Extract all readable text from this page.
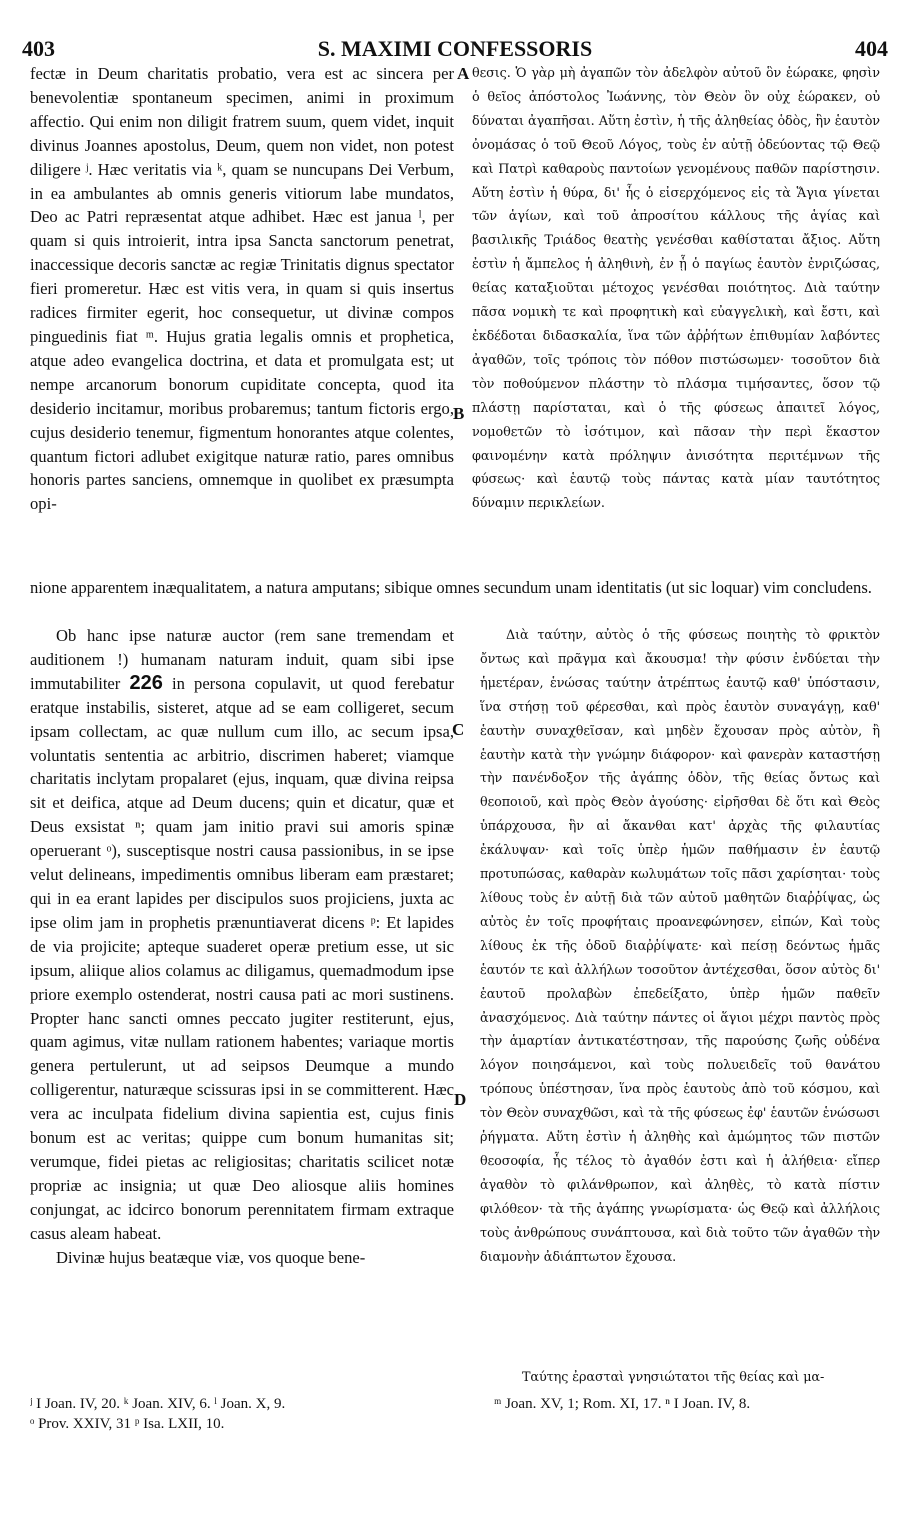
403	S. MAXIMI CONFESSORIS	404
A
B
C
D

fectæ in Deum charitatis probatio, vera est ac sincera per benevolentiæ spontaneum specimen, animi in proximum affectio. Qui enim non diligit fratrem suum, quem videt, inquit divinus Joannes apostolus, Deum, quem non videt, non potest diligere ʲ. Hæc veritatis via ᵏ, quam se nuncupans Dei Verbum, in ea ambulantes ab omnis generis vitiorum labe mundatos, Deo ac Patri repræsentat atque adhibet. Hæc est janua ˡ, per quam si quis introierit, intra ipsa Sancta sanctorum penetrat, inaccessique decoris sanctæ ac regiæ Trinitatis dignus spectator fieri promeretur. Hæc est vitis vera, in quam si quis insertus radices firmiter egerit, hoc consequetur, ut divinæ compos pinguedinis fiat ᵐ. Hujus gratia legalis omnis et prophetica, atque adeo evangelica doctrina, et data et promulgata est; ut nempe arcanorum bonorum cupiditate concepta, quod ita desiderio incitamur, moribus probaremus; tantum fictoris ergo, cujus desiderio tenemur, figmentum honorantes atque colentes, quantum fictori adlubet exigitque naturæ ratio, pares omnibus honoris partes sanciens, omnemque in quolibet ex præsumpta opi-

θεσις. Ὁ γὰρ μὴ ἀγαπῶν τὸν ἀδελφὸν αὐτοῦ ὃν ἑώρακε, φησὶν ὁ θεῖος ἀπόστολος Ἰωάννης, τὸν Θεὸν ὃν οὐχ ἑώρακεν, οὐ δύναται ἀγαπῆσαι. Αὕτη ἐστὶν, ἡ τῆς ἀληθείας ὁδὸς, ἣν ἑαυτὸν ὀνομάσας ὁ τοῦ Θεοῦ Λόγος, τοὺς ἐν αὐτῇ ὁδεύοντας τῷ Θεῷ καὶ Πατρὶ καθαροὺς παντοίων γενομένους παθῶν παρίστησιν. Αὕτη ἐστὶν ἡ θύρα, δι' ἧς ὁ εἰσερχόμενος εἰς τὰ Ἅγια γίνεται τῶν ἁγίων, καὶ τοῦ ἀπροσίτου κάλλους τῆς ἁγίας καὶ βασιλικῆς Τριάδος θεατὴς γενέσθαι καθίσταται ἄξιος. Αὕτη ἐστὶν ἡ ἄμπελος ἡ ἀληθινὴ, ἐν ᾗ ὁ παγίως ἑαυτὸν ἐνριζώσας, θείας καταξιοῦται μέτοχος γενέσθαι ποιότητος. Διὰ ταύτην πᾶσα νομικὴ τε καὶ προφητικὴ καὶ εὐαγγελικὴ, καὶ ἔστι, καὶ ἐκδέδοται διδασκαλία, ἵνα τῶν ἀῤῥήτων ἐπιθυμίαν λαβόντες ἀγαθῶν, τοῖς τρόποις τὸν πόθον πιστώσωμεν· τοσοῦτον διὰ τὸν ποθούμενον πλάστην τὸ πλάσμα τιμήσαντες, ὅσον τῷ πλάστῃ παρίσταται, καὶ ὁ τῆς φύσεως ἀπαιτεῖ λόγος, νομοθετῶν τὸ ἰσότιμον, καὶ πᾶσαν τὴν περὶ ἕκαστον φαινομένην κατὰ πρόληψιν ἀνισότητα περιτέμνων τῆς φύσεως· καὶ ἑαυτῷ τοὺς πάντας κατὰ μίαν ταυτότητος δύναμιν περικλείων.

nione apparentem inæqualitatem, a natura amputans; sibique omnes secundum unam identitatis (ut sic loquar) vim concludens.

Ob hanc ipse naturæ auctor (rem sane tremendam et auditionem !) humanam naturam induit, quam sibi ipse immutabiliter 226 in persona copulavit, ut quod ferebatur eratque instabilis, sisteret, atque ad se eam colligeret, secum ipsam collectam, ac quæ nullum cum illo, ac secum ipsa, voluntatis sententia ac arbitrio, discrimen haberet; viamque charitatis inclytam propalaret (ejus, inquam, quæ divina reipsa sit et deifica, atque ad Deum ducens; quin et dicatur, quæ et Deus exsistat ⁿ; quam jam initio pravi sui amoris spinæ operuerant ᵒ), susceptisque nostri causa passionibus, in se ipse velut delineans, impedimentis omnibus liberam eam præstaret; qui in ea erant lapides per discipulos suos projiciens, juxta ac ipse olim jam in prophetis prænuntiaverat dicens ᵖ: Et lapides de via projicite; apteque suaderet operæ pretium esse, ut sic ipsum, aliique alios colamus ac diligamus, quemadmodum ipse priore exemplo ostenderat, nostri causa pati ac mori sustinens. Propter hanc sancti omnes peccato jugiter restiterunt, ejus, quam agimus, vitæ nullam rationem habentes; variaque mortis genera pertulerunt, ut ad seipsos Deumque a mundo colligerentur, naturæque scissuras ipsi in se committerent. Hæc vera ac inculpata fidelium divina sapientia est, cujus finis bonum est ac veritas; quippe cum bonum humanitas sit; verumque, fidei pietas ac religiositas; charitatis scilicet notæ propriæ ac insignia; ut quæ Deo aliosque aliis homines conjungat, ac idcirco bonorum perennitatem firmam extraque casus aleam habeat.

Divinæ hujus beatæque viæ, vos quoque bene-

Διὰ ταύτην, αὐτὸς ὁ τῆς φύσεως ποιητὴς τὸ φρικτὸν ὄντως καὶ πρᾶγμα καὶ ἄκουσμα! τὴν φύσιν ἐνδύεται τὴν ἡμετέραν, ἑνώσας ταύτην ἀτρέπτως ἑαυτῷ καθ' ὑπόστασιν, ἵνα στήσῃ τοῦ φέρεσθαι, καὶ πρὸς ἑαυτὸν συναγάγῃ, καθ' ἑαυτὴν συναχθεῖσαν, καὶ μηδὲν ἔχουσαν πρὸς αὐτὸν, ἢ ἑαυτὴν κατὰ τὴν γνώμην διάφορον· καὶ φανερὰν καταστήσῃ τὴν πανένδοξον τῆς ἀγάπης ὁδὸν, τῆς θείας ὄντως καὶ θεοποιοῦ, καὶ πρὸς Θεὸν ἀγούσης· εἰρῆσθαι δὲ ὅτι καὶ Θεὸς ὑπάρχουσα, ἣν αἱ ἄκανθαι κατ' ἀρχὰς τῆς φιλαυτίας ἐκάλυψαν· καὶ τοῖς ὑπὲρ ἡμῶν παθήμασιν ἐν ἑαυτῷ προτυπώσας, καθαρὰν κωλυμάτων τοῖς πᾶσι χαρίσηται· τοὺς λίθους τοὺς ἐν αὐτῇ διὰ τῶν αὐτοῦ μαθητῶν διαῤῥίψας, ὡς αὐτὸς ἐν τοῖς προφήταις προανεφώνησεν, εἰπών, Καὶ τοὺς λίθους ἐκ τῆς ὁδοῦ διαῤῥίψατε· καὶ πείσῃ δεόντως ἡμᾶς ἑαυτόν τε καὶ ἀλλήλων τοσοῦτον ἀντέχεσθαι, ὅσον αὐτὸς δι' ἑαυτοῦ προλαβὼν ἐπεδείξατο, ὑπὲρ ἡμῶν παθεῖν ἀνασχόμενος. Διὰ ταύτην πάντες οἱ ἅγιοι μέχρι παντὸς πρὸς τὴν ἁμαρτίαν ἀντικατέστησαν, τῆς παρούσης ζωῆς οὐδένα λόγον ποιησάμενοι, καὶ τοὺς πολυειδεῖς τοῦ θανάτου τρόπους ὑπέστησαν, ἵνα πρὸς ἑαυτοὺς ἀπὸ τοῦ κόσμου, καὶ τὸν Θεὸν συναχθῶσι, καὶ τὰ τῆς φύσεως ἐφ' ἑαυτῶν ἑνώσωσι ῥήγματα. Αὕτη ἐστὶν ἡ ἀληθὴς καὶ ἀμώμητος τῶν πιστῶν θεοσοφία, ἧς τέλος τὸ ἀγαθόν ἐστι καὶ ἡ ἀλήθεια· εἴπερ ἀγαθὸν τὸ φιλάνθρωπον, καὶ ἀληθὲς, τὸ κατὰ πίστιν φιλόθεον· τὰ τῆς ἀγάπης γνωρίσματα· ὡς Θεῷ καὶ ἀλλήλοις τοὺς ἀνθρώπους συνάπτουσα, καὶ διὰ τοῦτο τῶν ἀγαθῶν τὴν διαμονὴν ἀδιάπτωτον ἔχουσα.

Ταύτης ἐρασταὶ γνησιώτατοι τῆς θείας καὶ μα-

ʲ I Joan. IV, 20. ᵏ Joan. XIV, 6. ˡ Joan. X, 9.
ᵒ Prov. XXIV, 31 ᵖ Isa. LXII, 10.
ᵐ Joan. XV, 1; Rom. XI, 17. ⁿ I Joan. IV, 8.
